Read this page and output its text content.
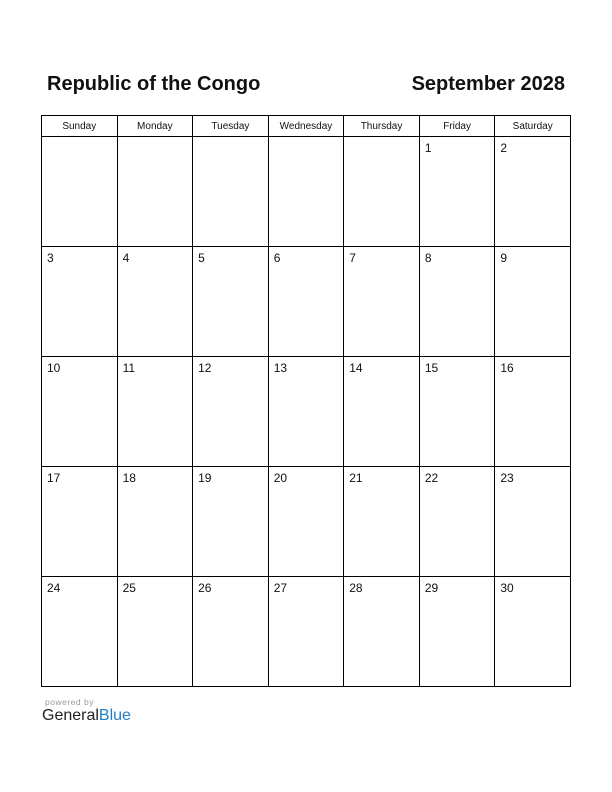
Republic of the Congo	September 2028
Sunday	Monday	Tuesday	Wednesday	Thursday	Friday	Saturday

					1	2

3	4	5	6	7	8	9

10	11	12	13	14	15	16

17	18	19	20	21	22	23

24	25	26	27	28	29	30
powered by
GeneralBlue
